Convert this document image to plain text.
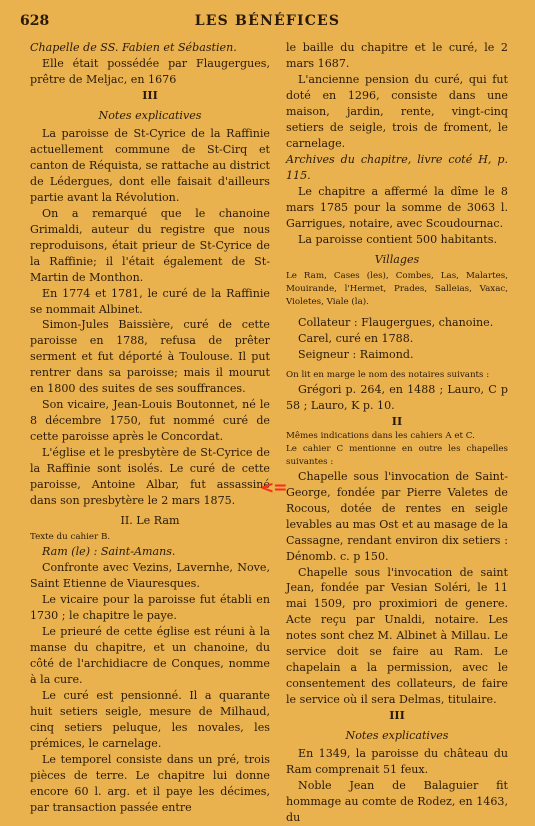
628	LES BÉNÉFICES

Chapelle de SS. Fabien et Sébastien.

Elle était possédée par Flaugergues, prêtre de Meljac, en 1676

III

Notes explicatives

La paroisse de St-Cyrice de la Raffinie actuellement commune de St-Cirq et canton de Réquista, se rattache au district de Lédergues, dont elle faisait d'ailleurs partie avant la Révolution.

On a remarqué que le chanoine Grimaldi, auteur du registre que nous reproduisons, était prieur de St-Cyrice de la Raffinie; il l'était également de St-Martin de Monthon.

En 1774 et 1781, le curé de la Raffinie se nommait Albinet.

Simon-Jules Baissière, curé de cette paroisse en 1788, refusa de prêter serment et fut déporté à Toulouse. Il put rentrer dans sa paroisse; mais il mourut en 1800 des suites de ses souffrances.

Son vicaire, Jean-Louis Boutonnet, né le 8 décembre 1750, fut nommé curé de cette paroisse après le Concordat.

L'église et le presbytère de St-Cyrice de la Raffinie sont isolés. Le curé de cette paroisse, Antoine Albar, fut assassiné dans son presbytère le 2 mars 1875.

II. Le Ram

Texte du cahier B.

Ram (le) : Saint-Amans.

Confronte avec Vezins, Lavernhe, Nove, Saint Etienne de Viauresques.

Le vicaire pour la paroisse fut établi en 1730 ; le chapitre le paye.

Le prieuré de cette église est réuni à la manse du chapitre, et un chanoine, du côté de l'archidiacre de Conques, nomme à la cure.

Le curé est pensionné. Il a quarante huit setiers seigle, mesure de Milhaud, cinq setiers peluque, les novales, les prémices, le carnelage.

Le temporel consiste dans un pré, trois pièces de terre. Le chapitre lui donne encore 60 l. arg. et il paye les décimes, par transaction passée entre

le baille du chapitre et le curé, le 2 mars 1687.

L'ancienne pension du curé, qui fut doté en 1296, consiste dans une maison, jardin, rente, vingt-cinq setiers de seigle, trois de froment, le carnelage.

Archives du chapitre, livre coté H, p. 115.

Le chapitre a affermé la dîme le 8 mars 1785 pour la somme de 3063 l. Garrigues, notaire, avec Scoudournac.

La paroisse contient 500 habitants.

Villages

Le Ram, Cases (les), Combes, Las, Malartes, Mouirande, l'Hermet, Prades, Salleias, Vaxac, Violetes, Viale (la).

Collateur : Flaugergues, chanoine.

Carel, curé en 1788.

Seigneur : Raimond.

On lit en marge le nom des notaires suivants :

Grégori p. 264, en 1488 ; Lauro, C p 58 ; Lauro, K p. 10.

II

Mêmes indications dans les cahiers A et C.

Le cahier C mentionne en outre les chapelles suivantes :

Chapelle sous l'invocation de Saint-George, fondée par Pierre Valetes de Rocous, dotée de rentes en seigle levables au mas Ost et au masage de la Cassagne, rendant environ dix setiers : Dénomb. c. p 150.

Chapelle sous l'invocation de saint Jean, fondée par Vesian Soléri, le 11 mai 1509, pro proximiori de genere. Acte reçu par Unaldi, notaire. Les notes sont chez M. Albinet à Millau. Le service doit se faire au Ram. Le chapelain a la permission, avec le consentement des collateurs, de faire le service où il sera Delmas, titulaire.

III

Notes explicatives

En 1349, la paroisse du château du Ram comprenait 51 feux.

Noble Jean de Balaguier fit hommage au comte de Rodez, en 1463, du

<=
